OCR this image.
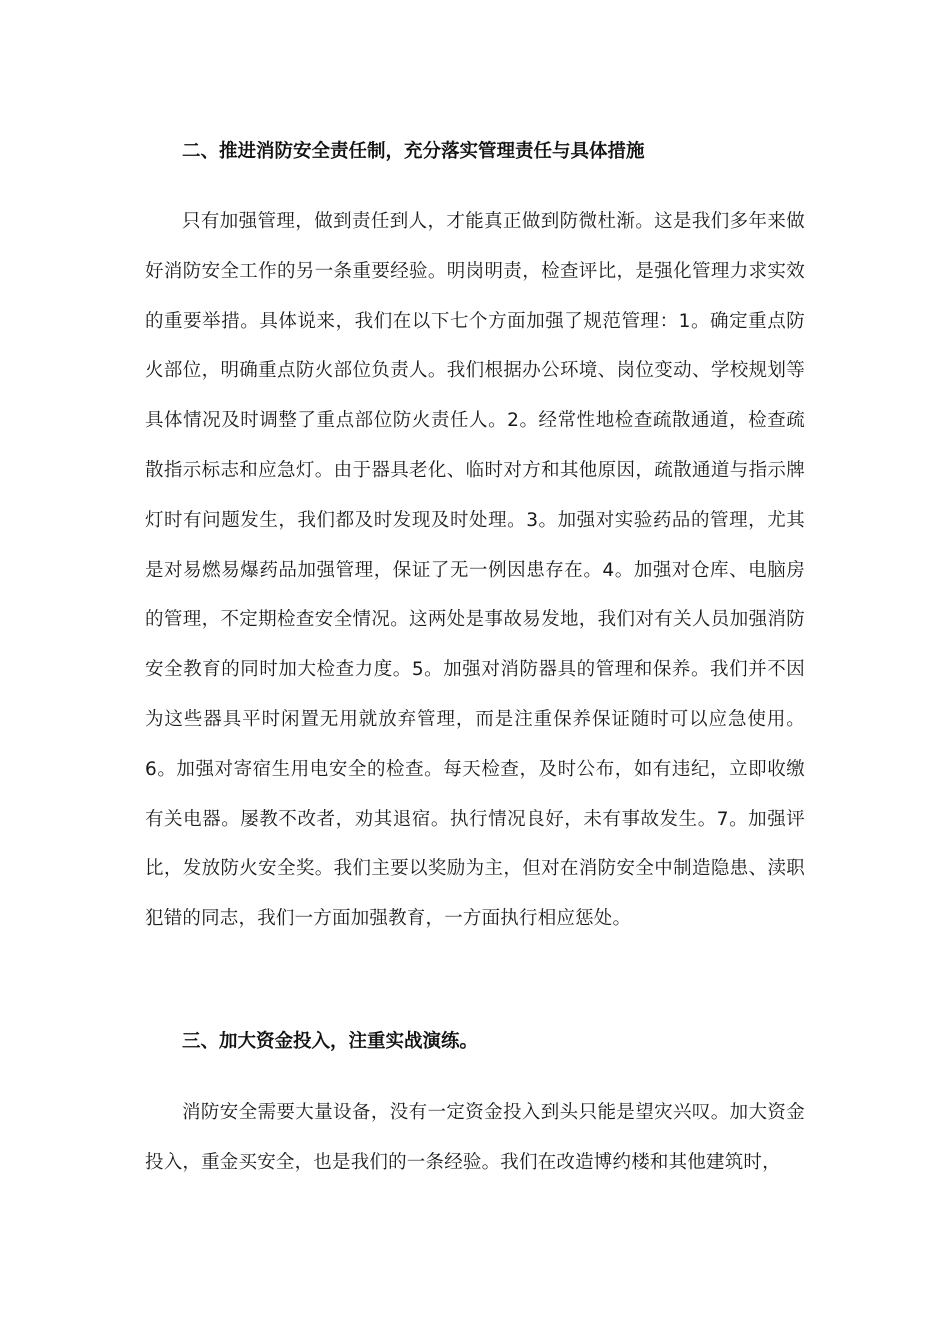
二、推进消防安全责任制，充分落实管理责任与具体措施

只有加强管理，做到责任到人，才能真正做到防微杜渐。这是我们多年来做好消防安全工作的另一条重要经验。明岗明责，检查评比，是强化管理力求实效的重要举措。具体说来，我们在以下七个方面加强了规范管理：1。确定重点防火部位，明确重点防火部位负责人。我们根据办公环境、岗位变动、学校规划等具体情况及时调整了重点部位防火责任人。2。经常性地检查疏散通道，检查疏散指示标志和应急灯。由于器具老化、临时对方和其他原因，疏散通道与指示牌灯时有问题发生，我们都及时发现及时处理。3。加强对实验药品的管理，尤其是对易燃易爆药品加强管理，保证了无一例因患存在。4。加强对仓库、电脑房的管理，不定期检查安全情况。这两处是事故易发地，我们对有关人员加强消防安全教育的同时加大检查力度。5。加强对消防器具的管理和保养。我们并不因为这些器具平时闲置无用就放弃管理，而是注重保养保证随时可以应急使用。6。加强对寄宿生用电安全的检查。每天检查，及时公布，如有违纪，立即收缴有关电器。屡教不改者，劝其退宿。执行情况良好，未有事故发生。7。加强评比，发放防火安全奖。我们主要以奖励为主，但对在消防安全中制造隐患、渎职犯错的同志，我们一方面加强教育，一方面执行相应惩处。

三、加大资金投入，注重实战演练。

消防安全需要大量设备，没有一定资金投入到头只能是望灾兴叹。加大资金投入，重金买安全，也是我们的一条经验。我们在改造博约楼和其他建筑时，
